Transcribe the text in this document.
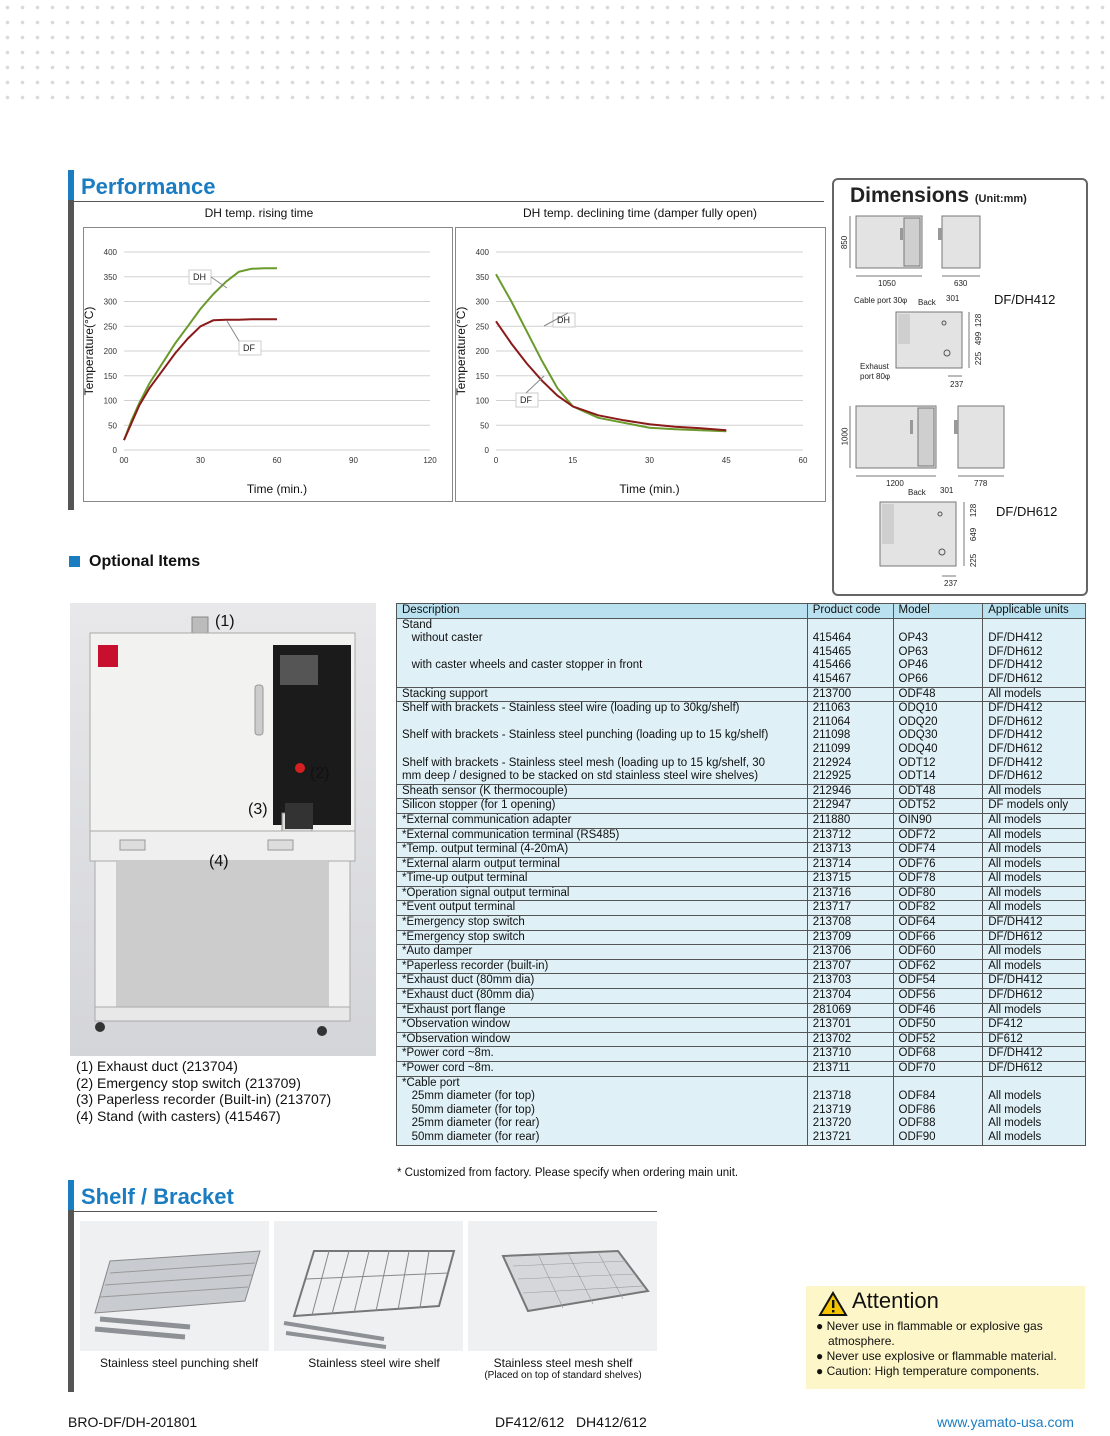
Performance
DH temp. rising time	DH temp. declining time (damper fully open)
0
50
100
150
200
250
300
350
400
00	30	60	90	120
DH
DF
Time (min.)
Temperature(°C)
0
50
100
150
200
250
300
350
400
0	15	30	45	60
DH
DF
Time (min.)
Temperature(°C)
Dimensions (Unit:mm)
850
1050	630
Cable port 30φ Back 301	DF/DH412
Exhaust
port 80φ
128
499
225
237
1000
1200	778
Back 301
DF/DH612
128
649
225
237
Optional Items
(1)
(2)
(3)
(4)
(1) Exhaust duct (213704)
(2) Emergency stop switch (213709)
(3) Paperless recorder (Built-in) (213707)
(4) Stand (with casters) (415467)
Description	Product code	Model	Applicable units
Stand			
without caster	415464	OP43	DF/DH412
	415465	OP63	DF/DH612
with caster wheels and caster stopper in front	415466	OP46	DF/DH412
	415467	OP66	DF/DH612
Stacking support	213700	ODF48	All models
Shelf with brackets - Stainless steel wire (loading up to 30kg/shelf)	211063	ODQ10	DF/DH412
	211064	ODQ20	DF/DH612
Shelf with brackets - Stainless steel punching (loading up to 15 kg/shelf)	211098	ODQ30	DF/DH412
	211099	ODQ40	DF/DH612
Shelf with brackets - Stainless steel mesh (loading up to 15 kg/shelf, 30	212924	ODT12	DF/DH412
mm deep / designed to be stacked on std stainless steel wire shelves)	212925	ODT14	DF/DH612
Sheath sensor (K thermocouple)	212946	ODT48	All models
Silicon stopper (for 1 opening)	212947	ODT52	DF models only
*External communication adapter	211880	OIN90	All models
*External communication terminal (RS485)	213712	ODF72	All models
*Temp. output terminal (4-20mA)	213713	ODF74	All models
*External alarm output terminal	213714	ODF76	All models
*Time-up output terminal	213715	ODF78	All models
*Operation signal output terminal	213716	ODF80	All models
*Event output terminal	213717	ODF82	All models
*Emergency stop switch	213708	ODF64	DF/DH412
*Emergency stop switch	213709	ODF66	DF/DH612
*Auto damper	213706	ODF60	All models
*Paperless recorder (built-in)	213707	ODF62	All models
*Exhaust duct (80mm dia)	213703	ODF54	DF/DH412
*Exhaust duct (80mm dia)	213704	ODF56	DF/DH612
*Exhaust port flange	281069	ODF46	All models
*Observation window	213701	ODF50	DF412
*Observation window	213702	ODF52	DF612
*Power cord ~8m.	213710	ODF68	DF/DH412
*Power cord ~8m.	213711	ODF70	DF/DH612
*Cable port			
25mm diameter (for top)	213718	ODF84	All models
50mm diameter (for top)	213719	ODF86	All models
25mm diameter (for rear)	213720	ODF88	All models
50mm diameter (for rear)	213721	ODF90	All models
* Customized from factory. Please specify when ordering main unit.
Shelf / Bracket
Stainless steel punching shelf	Stainless steel wire shelf	Stainless steel mesh shelf
(Placed on top of standard shelves)
Attention
● Never use in flammable or explosive gas atmosphere.
● Never use explosive or flammable material.
● Caution: High temperature components.
BRO-DF/DH-201801	DF412/612   DH412/612	www.yamato-usa.com
